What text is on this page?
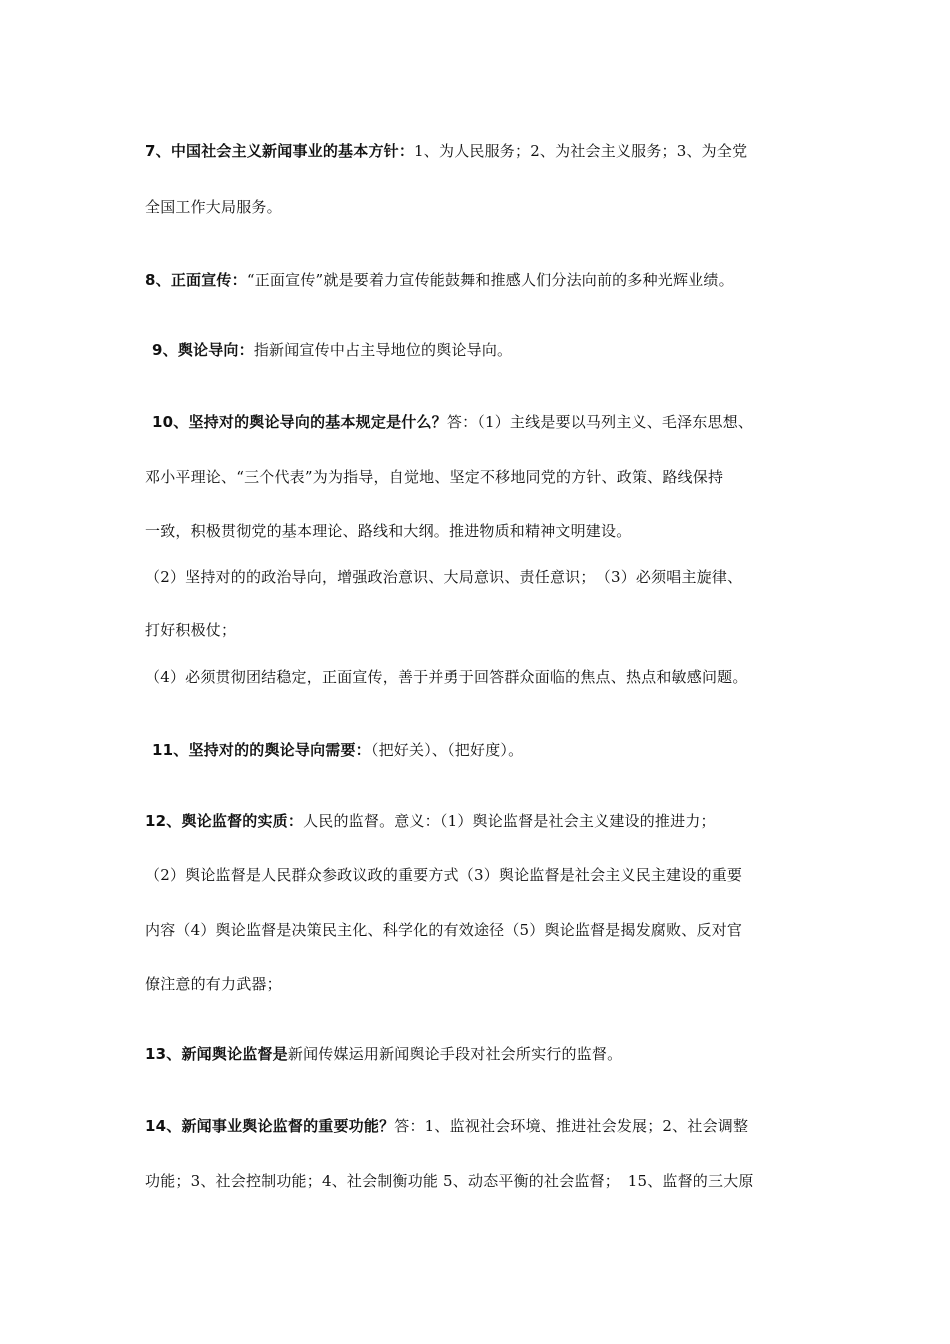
7、中国社会主义新闻事业的基本方针：1、为人民服务；2、为社会主义服务；3、为全党

全国工作大局服务。

8、正面宣传：“正面宣传”就是要着力宣传能鼓舞和推感人们分法向前的多种光辉业绩。

9、舆论导向：指新闻宣传中占主导地位的舆论导向。

10、坚持对的舆论导向的基本规定是什么？答：（1）主线是要以马列主义、毛泽东思想、

邓小平理论、“三个代表”为为指导，自觉地、坚定不移地同党的方针、政策、路线保持

一致，积极贯彻党的基本理论、路线和大纲。推进物质和精神文明建设。

（2）坚持对的的政治导向，增强政治意识、大局意识、责任意识；　（3）必须唱主旋律、

打好积极仗；

（4）必须贯彻团结稳定，正面宣传，善于并勇于回答群众面临的焦点、热点和敏感问题。

11、坚持对的的舆论导向需要：（把好关）、（把好度）。

12、舆论监督的实质：人民的监督。意义：（1）舆论监督是社会主义建设的推进力；

（2）舆论监督是人民群众参政议政的重要方式（3）舆论监督是社会主义民主建设的重要

内容（4）舆论监督是决策民主化、科学化的有效途径（5）舆论监督是揭发腐败、反对官

僚注意的有力武器；

13、新闻舆论监督是新闻传媒运用新闻舆论手段对社会所实行的监督。

14、新闻事业舆论监督的重要功能？答：1、监视社会环境、推进社会发展；2、社会调整

功能；3、社会控制功能；4、社会制衡功能 5、动态平衡的社会监督；　15、监督的三大原
